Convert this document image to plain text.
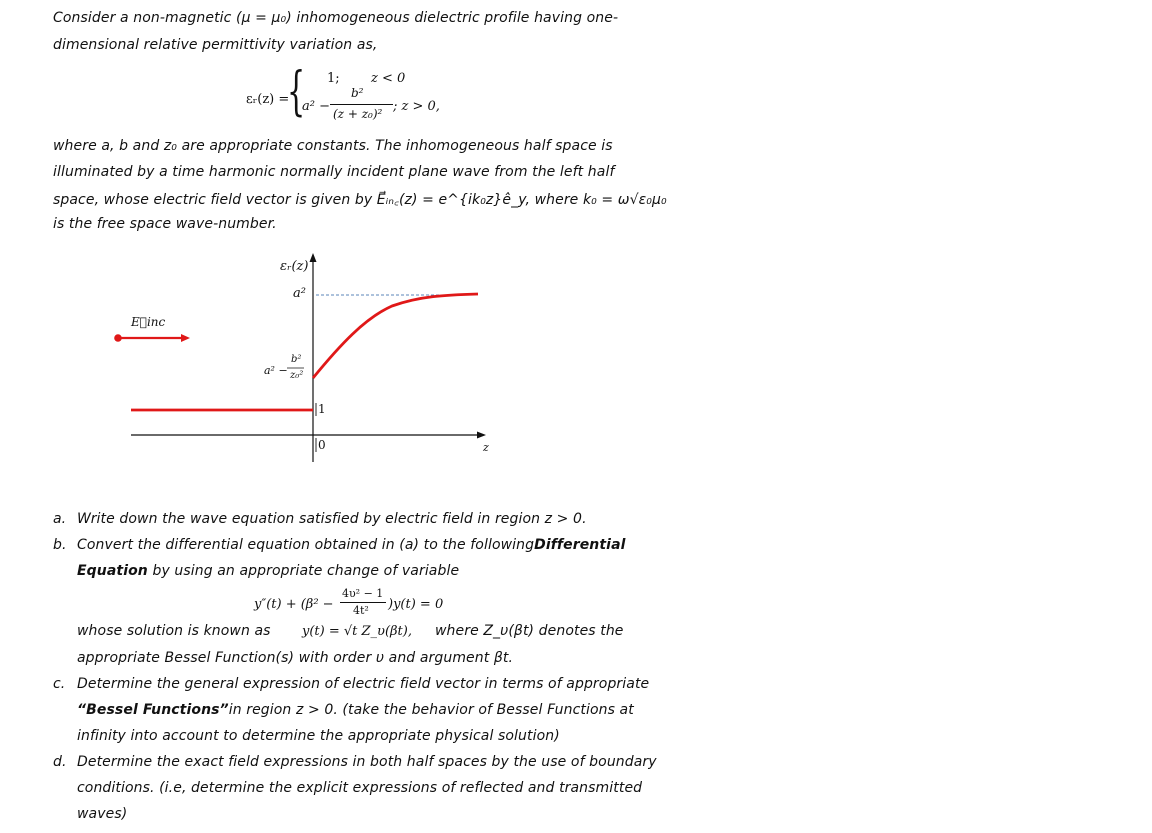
Consider a non-magnetic (μ = μ₀) inhomogeneous dielectric profile having one-
dimensional relative permittivity variation as,
εᵣ(z) =
{ 1; z < 0
a² −
b²
(z + z₀)² ; z > 0,
where a, b and z₀ are appropriate constants. The inhomogeneous half space is
illuminated by a time harmonic normally incident plane wave from the left half
space, whose electric field vector is given by E⃗ᵢₙ꜀(z) = e^{ik₀z}ê_y, where k₀ = ω√ε₀μ₀
is the free space wave-number.
εᵣ(z)
a²
a² −
b²
z₀²
1
0	z
E⃗inc
a. Write down the wave equation satisfied by electric field in region z > 0.
b. Convert the differential equation obtained in (a) to the following Differential
Equation by using an appropriate change of variable
y″(t) + (β² −
4υ² − 1
4t² )y(t) = 0
whose solution is known as y(t) = √t Z_υ(βt), where Z_υ(βt) denotes the
appropriate Bessel Function(s) with order υ and argument βt.
c. Determine the general expression of electric field vector in terms of appropriate
“Bessel Functions” in region z > 0. (take the behavior of Bessel Functions at
infinity into account to determine the appropriate physical solution)
d. Determine the exact field expressions in both half spaces by the use of boundary
conditions. (i.e, determine the explicit expressions of reflected and transmitted
waves)
